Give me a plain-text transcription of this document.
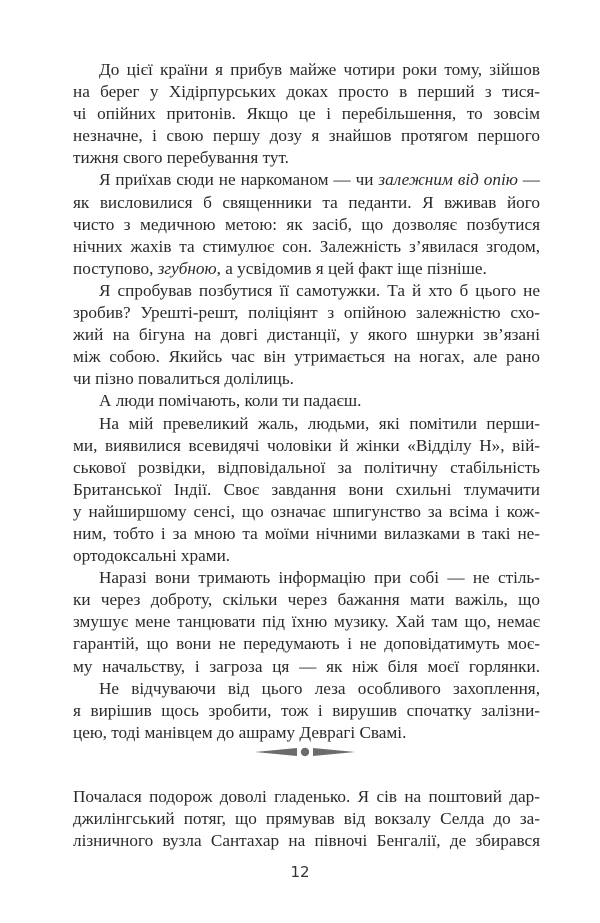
До цієї країни я прибув майже чотири роки тому, зійшов
на берег у Хідірпурських доках просто в перший з тися-
чі опійних притонів. Якщо це і перебільшення, то зовсім
незначне, і свою першу дозу я знайшов протягом першого
тижня свого перебування тут.

Я приїхав сюди не наркоманом — чи залежним від опію —
як висловилися б священники та педанти. Я вживав його
чисто з медичною метою: як засіб, що дозволяє позбутися
нічних жахів та стимулює сон. Залежність з’явилася згодом,
поступово, згубною, а усвідомив я цей факт іще пізніше.

Я спробував позбутися її самотужки. Та й хто б цього не
зробив? Урешті-решт, поліціянт з опійною залежністю схо-
жий на бігуна на довгі дистанції, у якого шнурки зв’язані
між собою. Якийсь час він утримається на ногах, але рано
чи пізно повалиться долілиць.

А люди помічають, коли ти падаєш.

На мій превеликий жаль, людьми, які помітили перши-
ми, виявилися всевидячі чоловіки й жінки «Відділу Н», вій-
ськової розвідки, відповідальної за політичну стабільність
Британської Індії. Своє завдання вони схильні тлумачити
у найширшому сенсі, що означає шпигунство за всіма і кож-
ним, тобто і за мною та моїми нічними вилазками в такі не-
ортодоксальні храми.

Наразі вони тримають інформацію при собі — не стіль-
ки через доброту, скільки через бажання мати важіль, що
змушує мене танцювати під їхню музику. Хай там що, немає
гарантій, що вони не передумають і не доповідатимуть моє-
му начальству, і загроза ця — як ніж біля моєї горлянки.

Не відчуваючи від цього леза особливого захоплення,
я вирішив щось зробити, тож і вирушив спочатку залізни-
цею, тоді манівцем до ашраму Деврагі Свамі.

Почалася подорож доволі гладенько. Я сів на поштовий дар-
джилінгський потяг, що прямував від вокзалу Селда до за-
лізничного вузла Сантахар на півночі Бенгалії, де збирався

12
